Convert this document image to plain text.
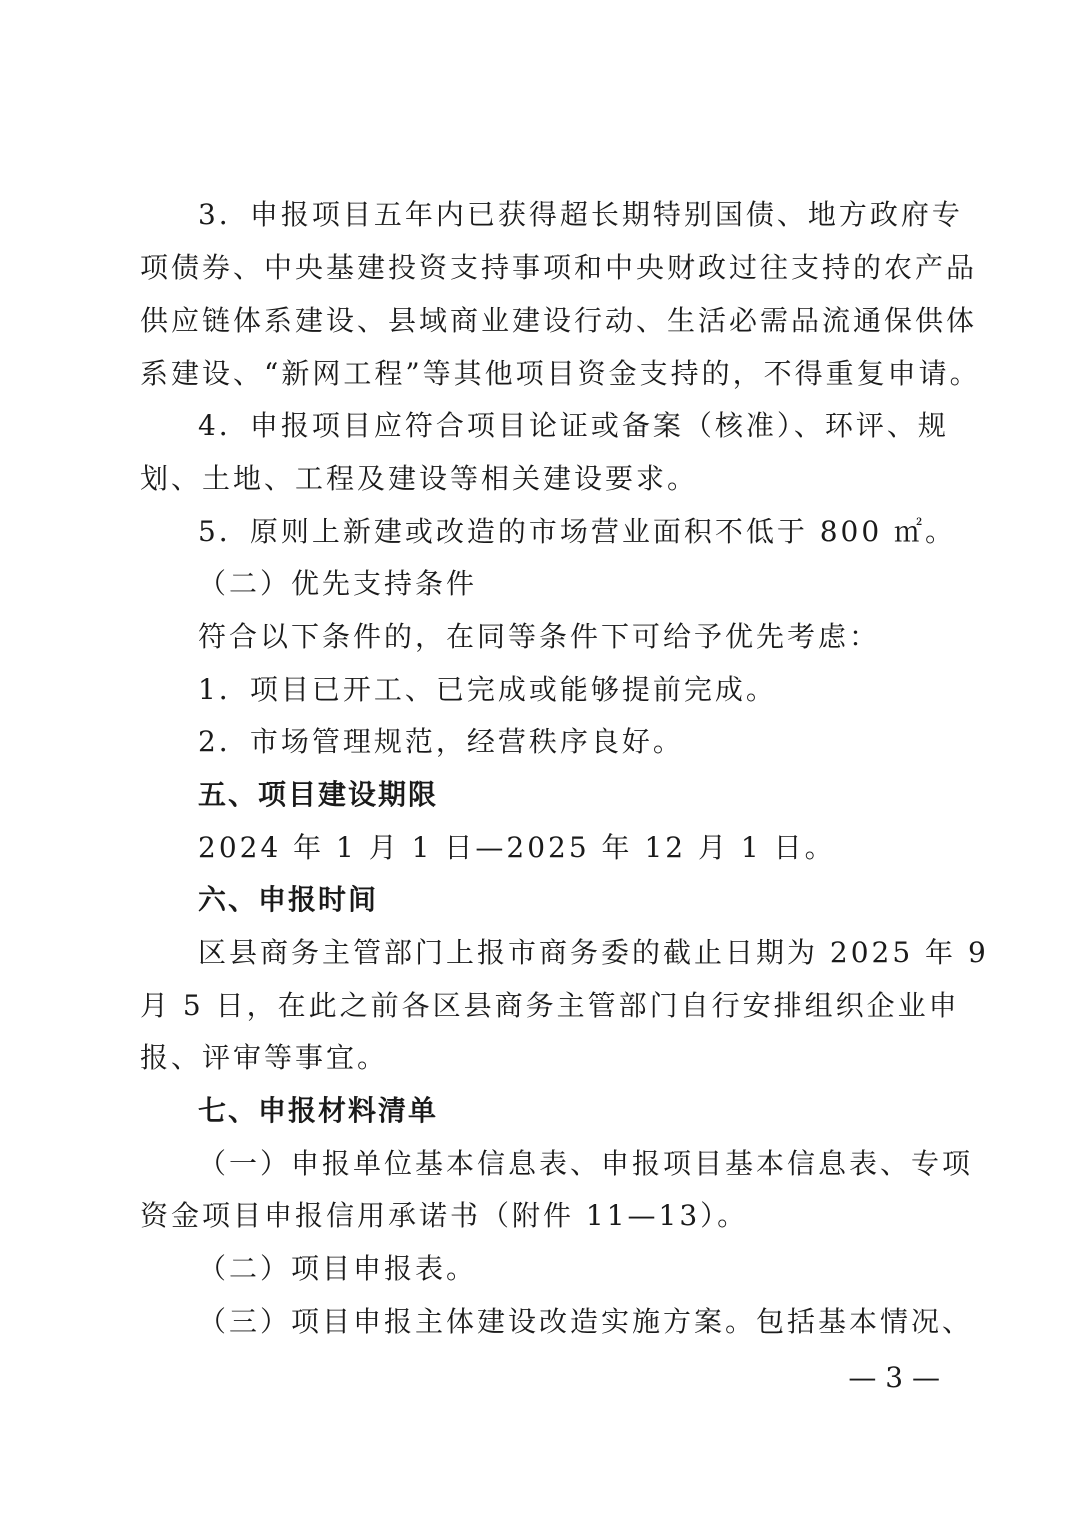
3．申报项目五年内已获得超长期特别国债、地方政府专
项债券、中央基建投资支持事项和中央财政过往支持的农产品
供应链体系建设、县域商业建设行动、生活必需品流通保供体
系建设、“新网工程”等其他项目资金支持的，不得重复申请。
4．申报项目应符合项目论证或备案（核准）、环评、规
划、土地、工程及建设等相关建设要求。
5．原则上新建或改造的市场营业面积不低于 800 ㎡。
（二）优先支持条件
符合以下条件的，在同等条件下可给予优先考虑：
1．项目已开工、已完成或能够提前完成。
2．市场管理规范，经营秩序良好。
五、项目建设期限
2024 年 1 月 1 日—2025 年 12 月 1 日。
六、申报时间
区县商务主管部门上报市商务委的截止日期为 2025 年 9
月 5 日，在此之前各区县商务主管部门自行安排组织企业申
报、评审等事宜。
七、申报材料清单
（一）申报单位基本信息表、申报项目基本信息表、专项
资金项目申报信用承诺书（附件 11—13）。
（二）项目申报表。
（三）项目申报主体建设改造实施方案。包括基本情况、
— 3 —
